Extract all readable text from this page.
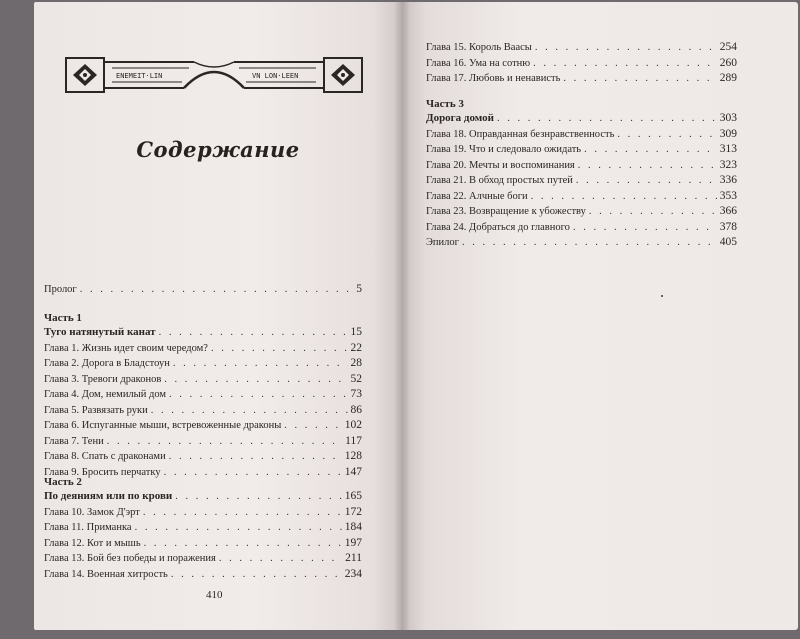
ENEMEIT·LIN	VN LON·LEEN
Содержание
Пролог . . .	5
Часть 1
Туго натянутый канат . . .	15
Глава 1. Жизнь идет своим чередом? . . .	22
Глава 2. Дорога в Бладстоун . . .	28
Глава 3. Тревоги драконов . . .	52
Глава 4. Дом, немилый дом . . .	73
Глава 5. Развязать руки . . .	86
Глава 6. Испуганные мыши, встревоженные драконы . . .	102
Глава 7. Тени . . .	117
Глава 8. Спать с драконами . . .	128
Глава 9. Бросить перчатку . . .	147
Часть 2
По деяниям или по крови . . .	165
Глава 10. Замок Д'эрт . . .	172
Глава 11. Приманка . . .	184
Глава 12. Кот и мышь . . .	197
Глава 13. Бой без победы и поражения . . .	211
Глава 14. Военная хитрость . . .	234
410
Глава 15. Король Ваасы . . .	254
Глава 16. Ума на сотню . . .	260
Глава 17. Любовь и ненависть . . .	289
Часть 3
Дорога домой . . .	303
Глава 18. Оправданная безнравственность . . .	309
Глава 19. Что и следовало ожидать . . .	313
Глава 20. Мечты и воспоминания . . .	323
Глава 21. В обход простых путей . . .	336
Глава 22. Алчные боги . . .	353
Глава 23. Возвращение к убожеству . . .	366
Глава 24. Добраться до главного . . .	378
Эпилог . . .	405
